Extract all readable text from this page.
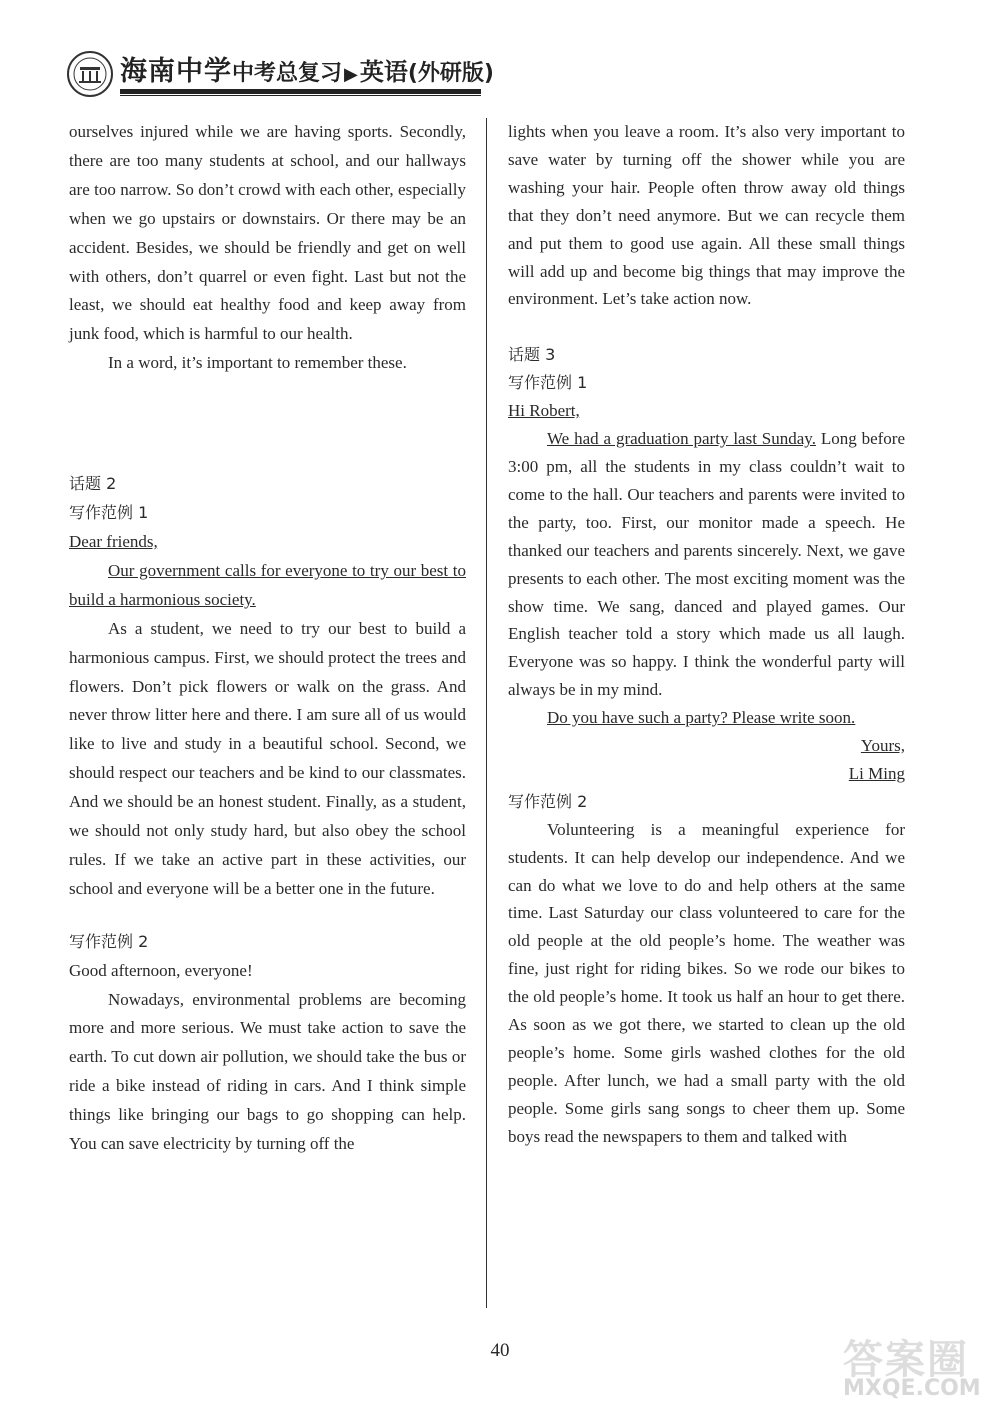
海南中学中考总复习 ▶英语(外研版)

ourselves injured while we are having sports. Secondly, there are too many students at school, and our hallways are too narrow. So don’t crowd with each other, especially when we go upstairs or downstairs. Or there may be an accident. Besides, we should be friendly and get on well with others, don’t quarrel or even fight. Last but not the least, we should eat healthy food and keep away from junk food, which is harmful to our health.

In a word, it’s important to remember these.

话题 2

写作范例 1

Dear friends,

Our government calls for everyone to try our best to build a harmonious society.

As a student, we need to try our best to build a harmonious campus. First, we should protect the trees and flowers. Don’t pick flowers or walk on the grass. And never throw litter here and there. I am sure all of us would like to live and study in a beautiful school. Second, we should respect our teachers and be kind to our classmates. And we should be an honest student. Finally, as a student, we should not only study hard, but also obey the school rules. If we take an active part in these activities, our school and everyone will be a better one in the future.

写作范例 2

Good afternoon, everyone!

Nowadays, environmental problems are becoming more and more serious. We must take action to save the earth. To cut down air pollution, we should take the bus or ride a bike instead of riding in cars. And I think simple things like bringing our bags to go shopping can help. You can save electricity by turning off the

lights when you leave a room. It’s also very important to save water by turning off the shower while you are washing your hair. People often throw away old things that they don’t need anymore. But we can recycle them and put them to good use again. All these small things will add up and become big things that may improve the environment. Let’s take action now.

话题 3

写作范例 1

Hi Robert,

We had a graduation party last Sunday. Long before 3:00 pm, all the students in my class couldn’t wait to come to the hall. Our teachers and parents were invited to the party, too. First, our monitor made a speech. He thanked our teachers and parents sincerely. Next, we gave presents to each other. The most exciting moment was the show time. We sang, danced and played games. Our English teacher told a story which made us all laugh. Everyone was so happy. I think the wonderful party will always be in my mind.

Do you have such a party? Please write soon.

Yours,

Li Ming

写作范例 2

Volunteering is a meaningful experience for students. It can help develop our independence. And we can do what we love to do and help others at the same time. Last Saturday our class volunteered to care for the old people at the old people’s home. The weather was fine, just right for riding bikes. So we rode our bikes to the old people’s home. It took us half an hour to get there. As soon as we got there, we started to clean up the old people’s home. Some girls washed clothes for the old people. After lunch, we had a small party with the old people. Some girls sang songs to cheer them up. Some boys read the newspapers to them and talked with

40	答案圈
MXQE.COM
